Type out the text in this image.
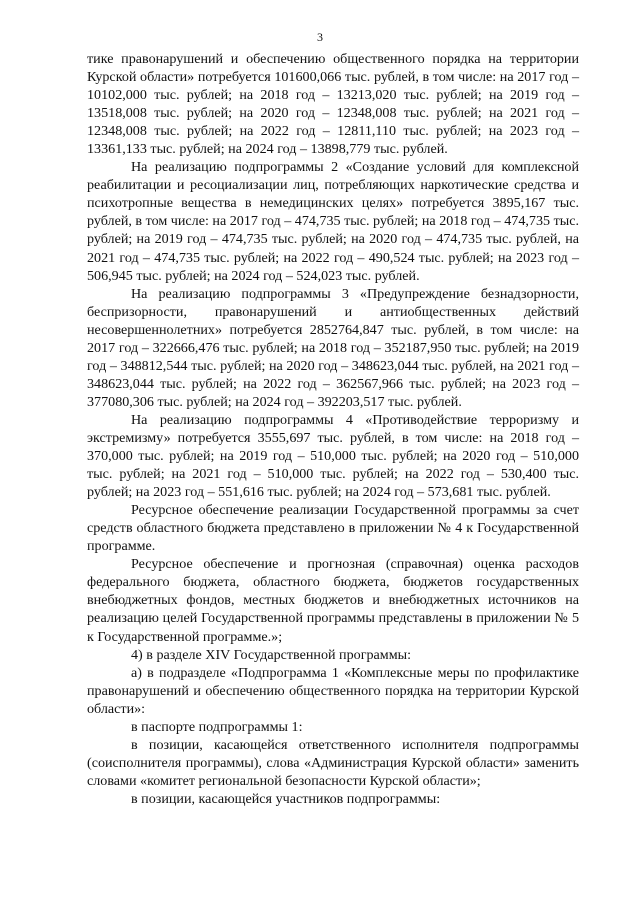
3

тике правонарушений и обеспечению общественного порядка на территории Курской области» потребуется 101600,066 тыс. рублей, в том числе: на 2017 год – 10102,000 тыс. рублей; на 2018 год – 13213,020 тыс. рублей; на 2019 год – 13518,008 тыс. рублей; на 2020 год – 12348,008 тыс. рублей; на 2021 год –12348,008 тыс. рублей; на 2022 год – 12811,110 тыс. рублей; на 2023 год – 13361,133 тыс. рублей; на 2024 год – 13898,779 тыс. рублей.

На реализацию подпрограммы 2 «Создание условий для комплексной реабилитации и ресоциализации лиц, потребляющих наркотические средства и психотропные вещества в немедицинских целях» потребуется 3895,167 тыс. рублей, в том числе: на 2017 год – 474,735 тыс. рублей; на 2018 год – 474,735 тыс. рублей; на 2019 год – 474,735 тыс. рублей; на 2020 год – 474,735 тыс. рублей, на 2021 год – 474,735 тыс. рублей; на 2022 год – 490,524 тыс. рублей; на 2023 год – 506,945 тыс. рублей; на 2024 год – 524,023 тыс. рублей.

На реализацию подпрограммы 3 «Предупреждение безнадзорности, беспризорности, правонарушений и антиобщественных действий несовершеннолетних» потребуется 2852764,847 тыс. рублей, в том числе: на 2017 год – 322666,476 тыс. рублей; на 2018 год – 352187,950 тыс. рублей; на 2019 год – 348812,544 тыс. рублей; на 2020 год – 348623,044 тыс. рублей, на 2021 год – 348623,044 тыс. рублей; на 2022 год – 362567,966 тыс. рублей; на 2023 год – 377080,306 тыс. рублей; на 2024 год – 392203,517 тыс. рублей.

На реализацию подпрограммы 4 «Противодействие терроризму и экстремизму» потребуется 3555,697 тыс. рублей, в том числе: на 2018 год – 370,000 тыс. рублей; на 2019 год – 510,000 тыс. рублей; на 2020 год – 510,000 тыс. рублей; на 2021 год – 510,000 тыс. рублей; на 2022 год – 530,400 тыс. рублей; на 2023 год – 551,616 тыс. рублей; на 2024 год – 573,681 тыс. рублей.

Ресурсное обеспечение реализации Государственной программы за счет средств областного бюджета представлено в приложении № 4 к Государственной программе.

Ресурсное обеспечение и прогнозная (справочная) оценка расходов федерального бюджета, областного бюджета, бюджетов государственных внебюджетных фондов, местных бюджетов и внебюджетных источников на реализацию целей Государственной программы представлены в приложении № 5 к Государственной программе.»;

4) в разделе XIV Государственной программы:

а) в подразделе «Подпрограмма 1 «Комплексные меры по профилактике правонарушений и обеспечению общественного порядка на территории Курской области»:

в паспорте подпрограммы 1:

в позиции, касающейся ответственного исполнителя подпрограммы (соисполнителя программы), слова «Администрация Курской области» заменить словами «комитет региональной безопасности Курской области»;

в позиции, касающейся участников подпрограммы:
